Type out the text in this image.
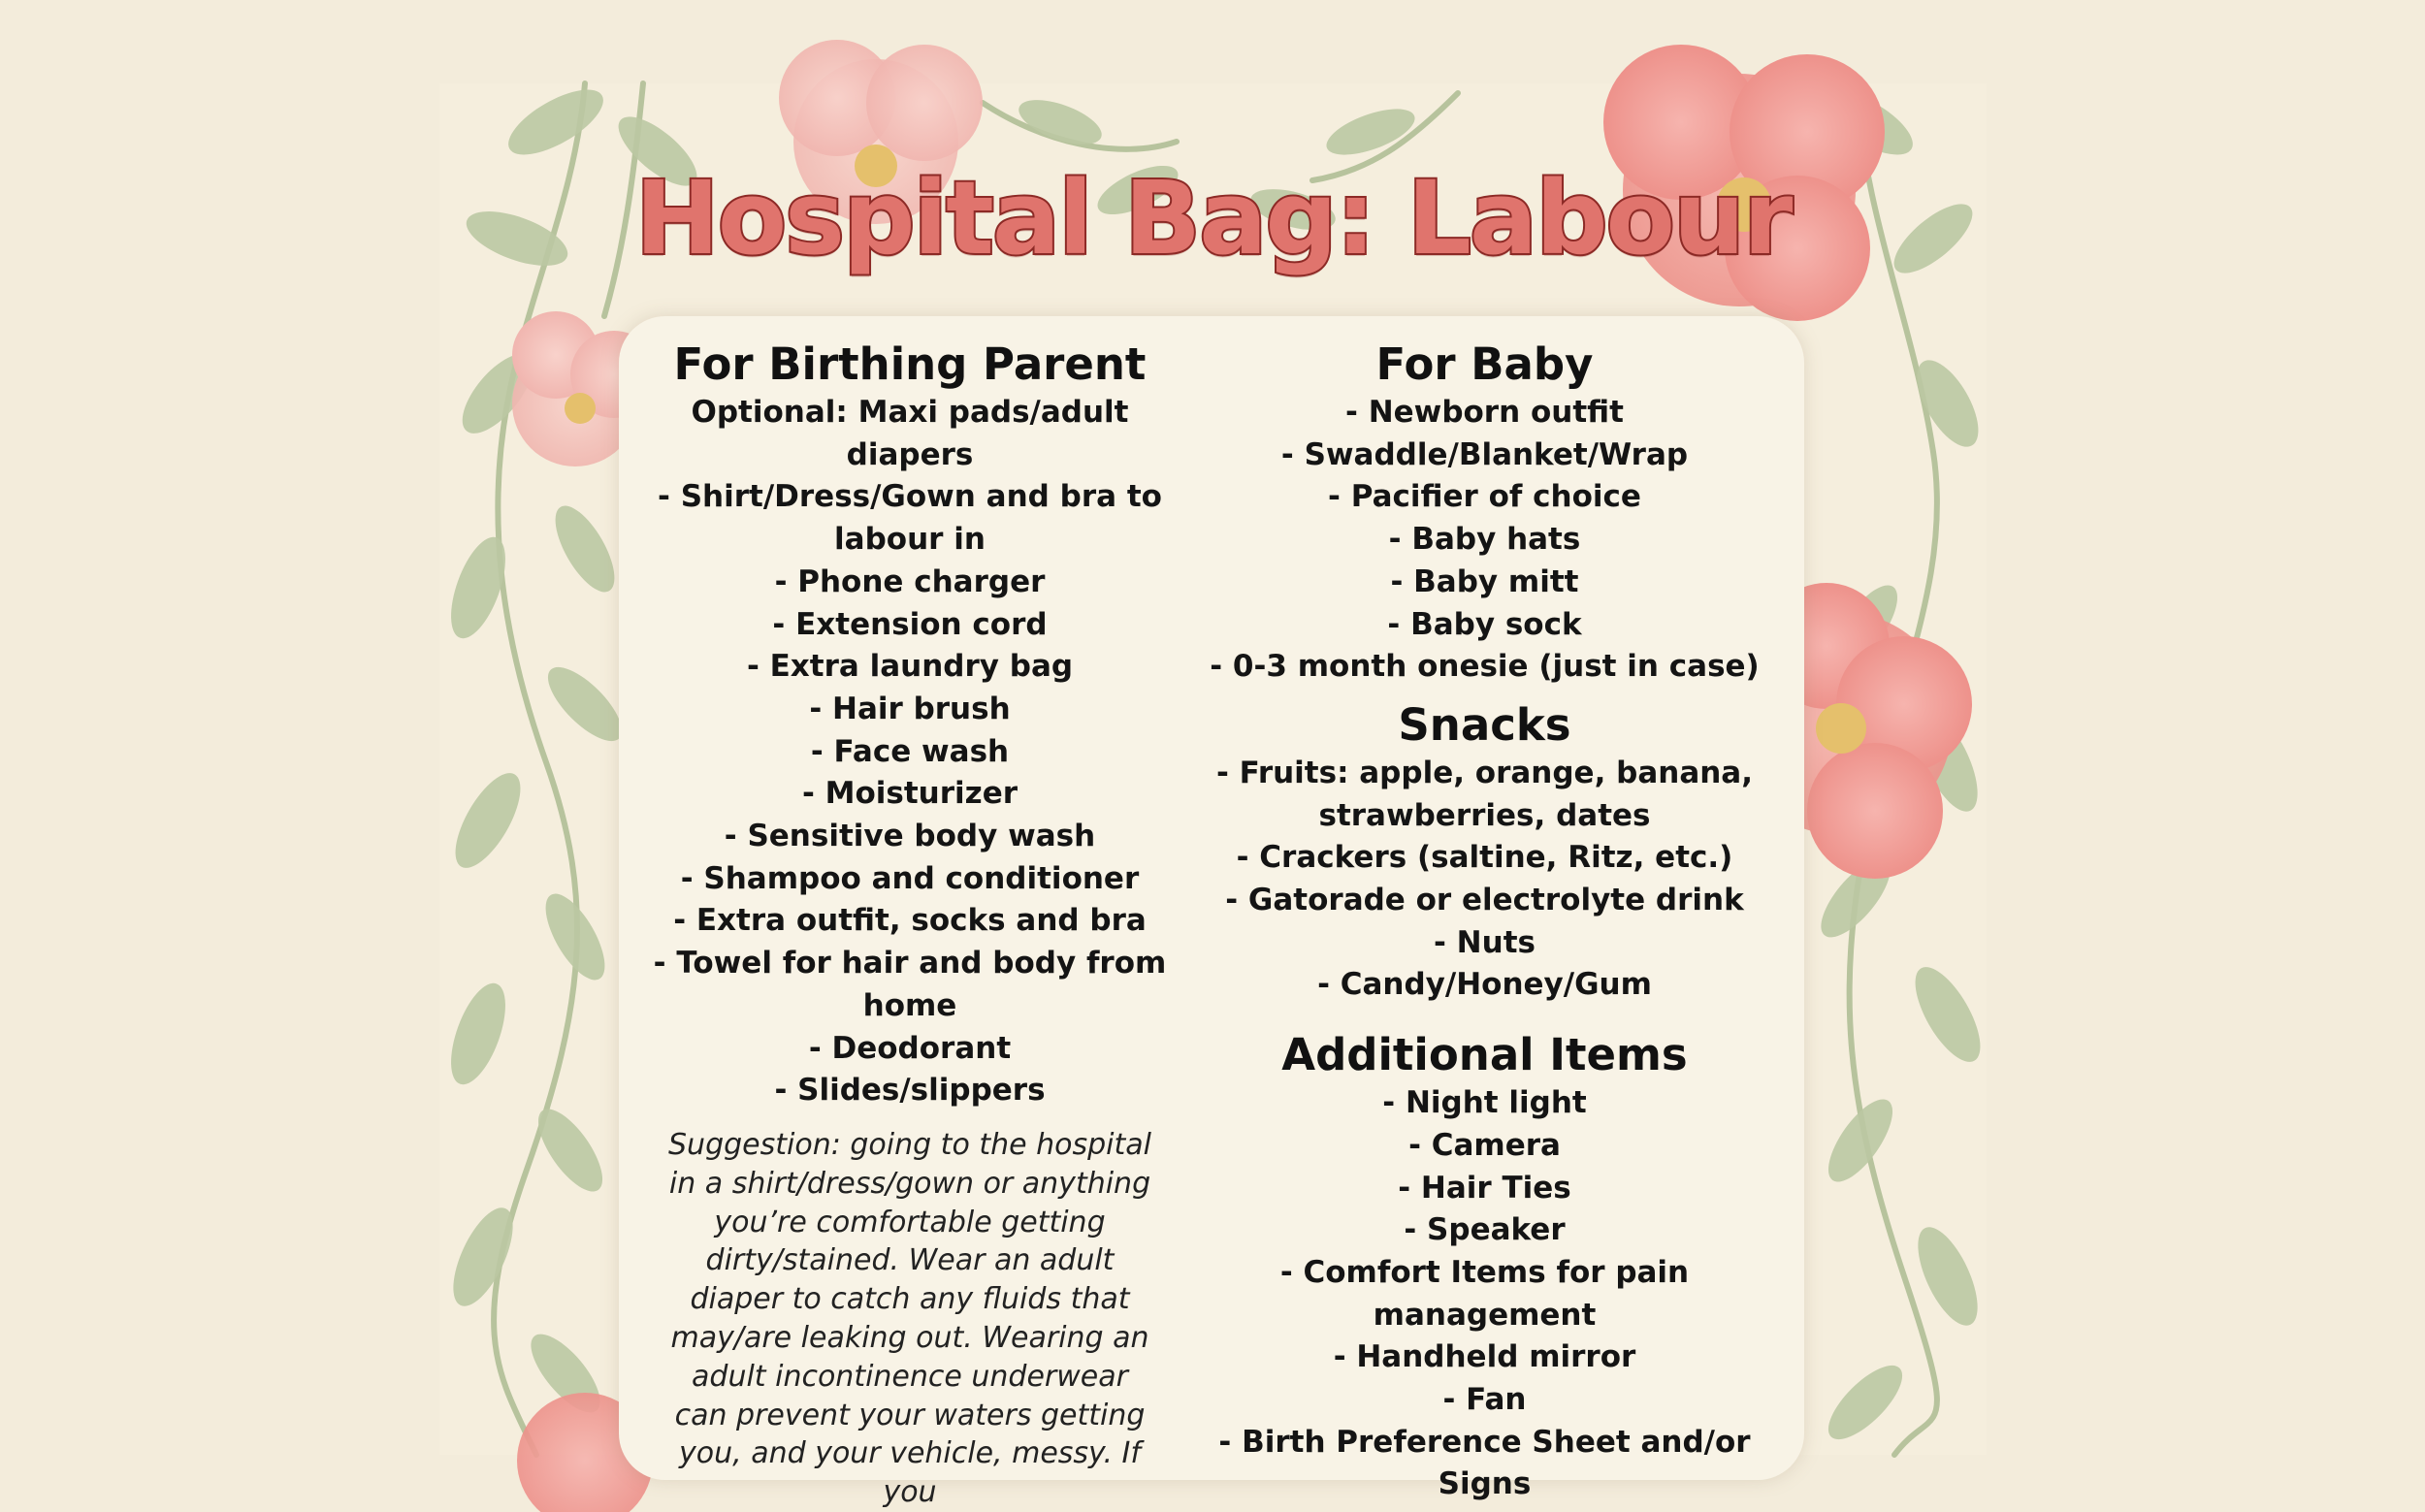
Hospital Bag: Labour
For Birthing Parent
Optional: Maxi pads/adult diapers
- Shirt/Dress/Gown and bra to labour in
- Phone charger
- Extension cord
- Extra laundry bag
- Hair brush
- Face wash
- Moisturizer
- Sensitive body wash
- Shampoo and conditioner
- Extra outfit, socks and bra
- Towel for hair and body from home
- Deodorant
- Slides/slippers

Suggestion: going to the hospital in a shirt/dress/gown or anything you’re comfortable getting dirty/stained. Wear an adult diaper to catch any fluids that may/are leaking out. Wearing an adult incontinence underwear can prevent your waters getting you, and your vehicle, messy. If you

For Baby
- Newborn outfit
- Swaddle/Blanket/Wrap
- Pacifier of choice
- Baby hats
- Baby mitt
- Baby sock
- 0-3 month onesie (just in case)
Snacks
- Fruits: apple, orange, banana, strawberries, dates
- Crackers (saltine, Ritz, etc.)
- Gatorade or electrolyte drink
- Nuts
- Candy/Honey/Gum
Additional Items
- Night light
- Camera
- Hair Ties
- Speaker
- Comfort Items for pain management
- Handheld mirror
- Fan
- Birth Preference Sheet and/or Signs
